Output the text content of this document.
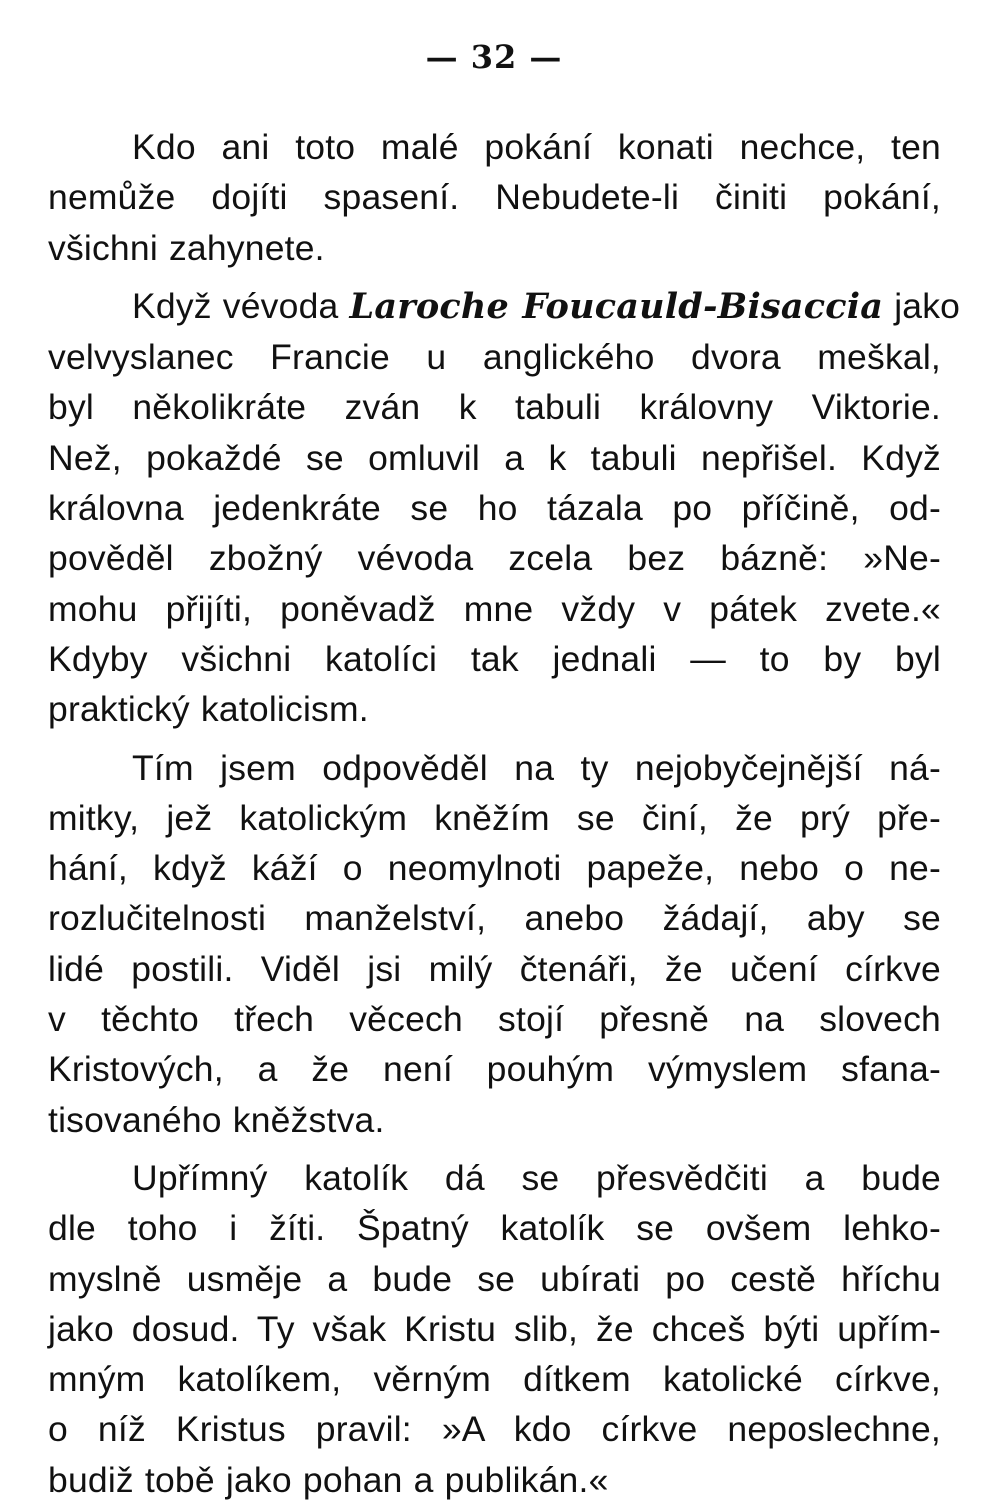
— 32 —

Kdo ani toto malé pokání konati nechce, ten
nemůže dojíti spasení. Nebudete-li činiti pokání,
všichni zahynete.

Když vévoda Laroche Foucauld-Bisaccia jako
velvyslanec Francie u anglického dvora meškal,
byl několikráte zván k tabuli královny Viktorie.
Než, pokaždé se omluvil a k tabuli nepřišel. Když
královna jedenkráte se ho tázala po příčině, od-
pověděl zbožný vévoda zcela bez bázně: »Ne-
mohu přijíti, poněvadž mne vždy v pátek zvete.«
Kdyby všichni katolíci tak jednali — to by byl
praktický katolicism.

Tím jsem odpověděl na ty nejobyčejnější ná-
mitky, jež katolickým kněžím se činí, že prý pře-
hání, když káží o neomylnoti papeže, nebo o ne-
rozlučitelnosti manželství, anebo žádají, aby se
lidé postili. Viděl jsi milý čtenáři, že učení církve
v těchto třech věcech stojí přesně na slovech
Kristových, a že není pouhým výmyslem sfana-
tisovaného kněžstva.

Upřímný katolík dá se přesvědčiti a bude
dle toho i žíti. Špatný katolík se ovšem lehko-
myslně usměje a bude se ubírati po cestě hříchu
jako dosud. Ty však Kristu slib, že chceš býti upřím-
mným katolíkem, věrným dítkem katolické církve,
o níž Kristus pravil: »A kdo církve neposlechne,
budiž tobě jako pohan a publikán.«
